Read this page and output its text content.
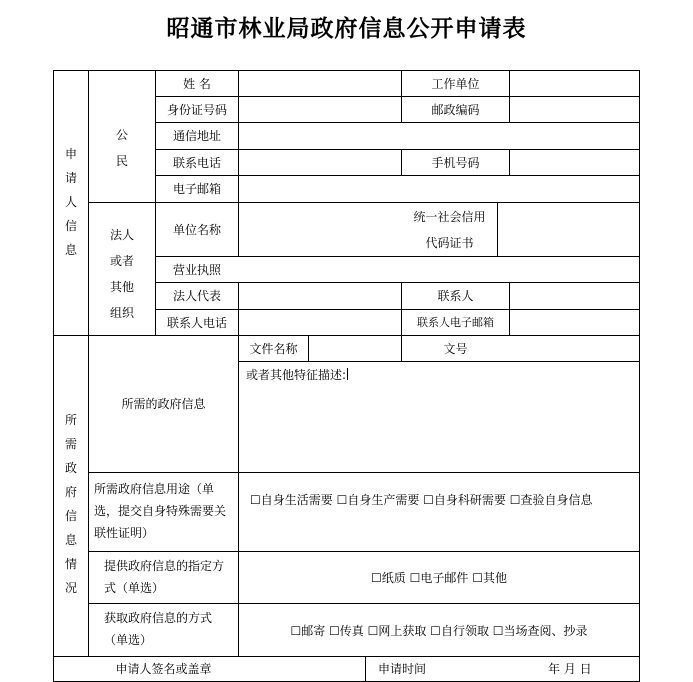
昭通市林业局政府信息公开申请表
申请人信息
所需政府信息情况
公民
姓 名	工作单位
身份证号码	邮政编码
通信地址
联系电话	手机号码
电子邮箱
法人或者其他组织
单位名称
统一社会信用
代码证书
营业执照
法人代表	联系人
联系人电话	联系人电子邮箱
所需的政府信息
文件名称	文号
或者其他特征描述:
所需政府信息用途（单选，提交自身特殊需要关联性证明）
☐自身生活需要 ☐自身生产需要 ☐自身科研需要 ☐查验自身信息
提供政府信息的指定方式（单选）
☐纸质 ☐电子邮件 ☐其他
获取政府信息的方式（单选）
☐邮寄 ☐传真 ☐网上获取 ☐自行领取 ☐当场查阅、抄录
申请人签名或盖章	申请时间	年 月 日
